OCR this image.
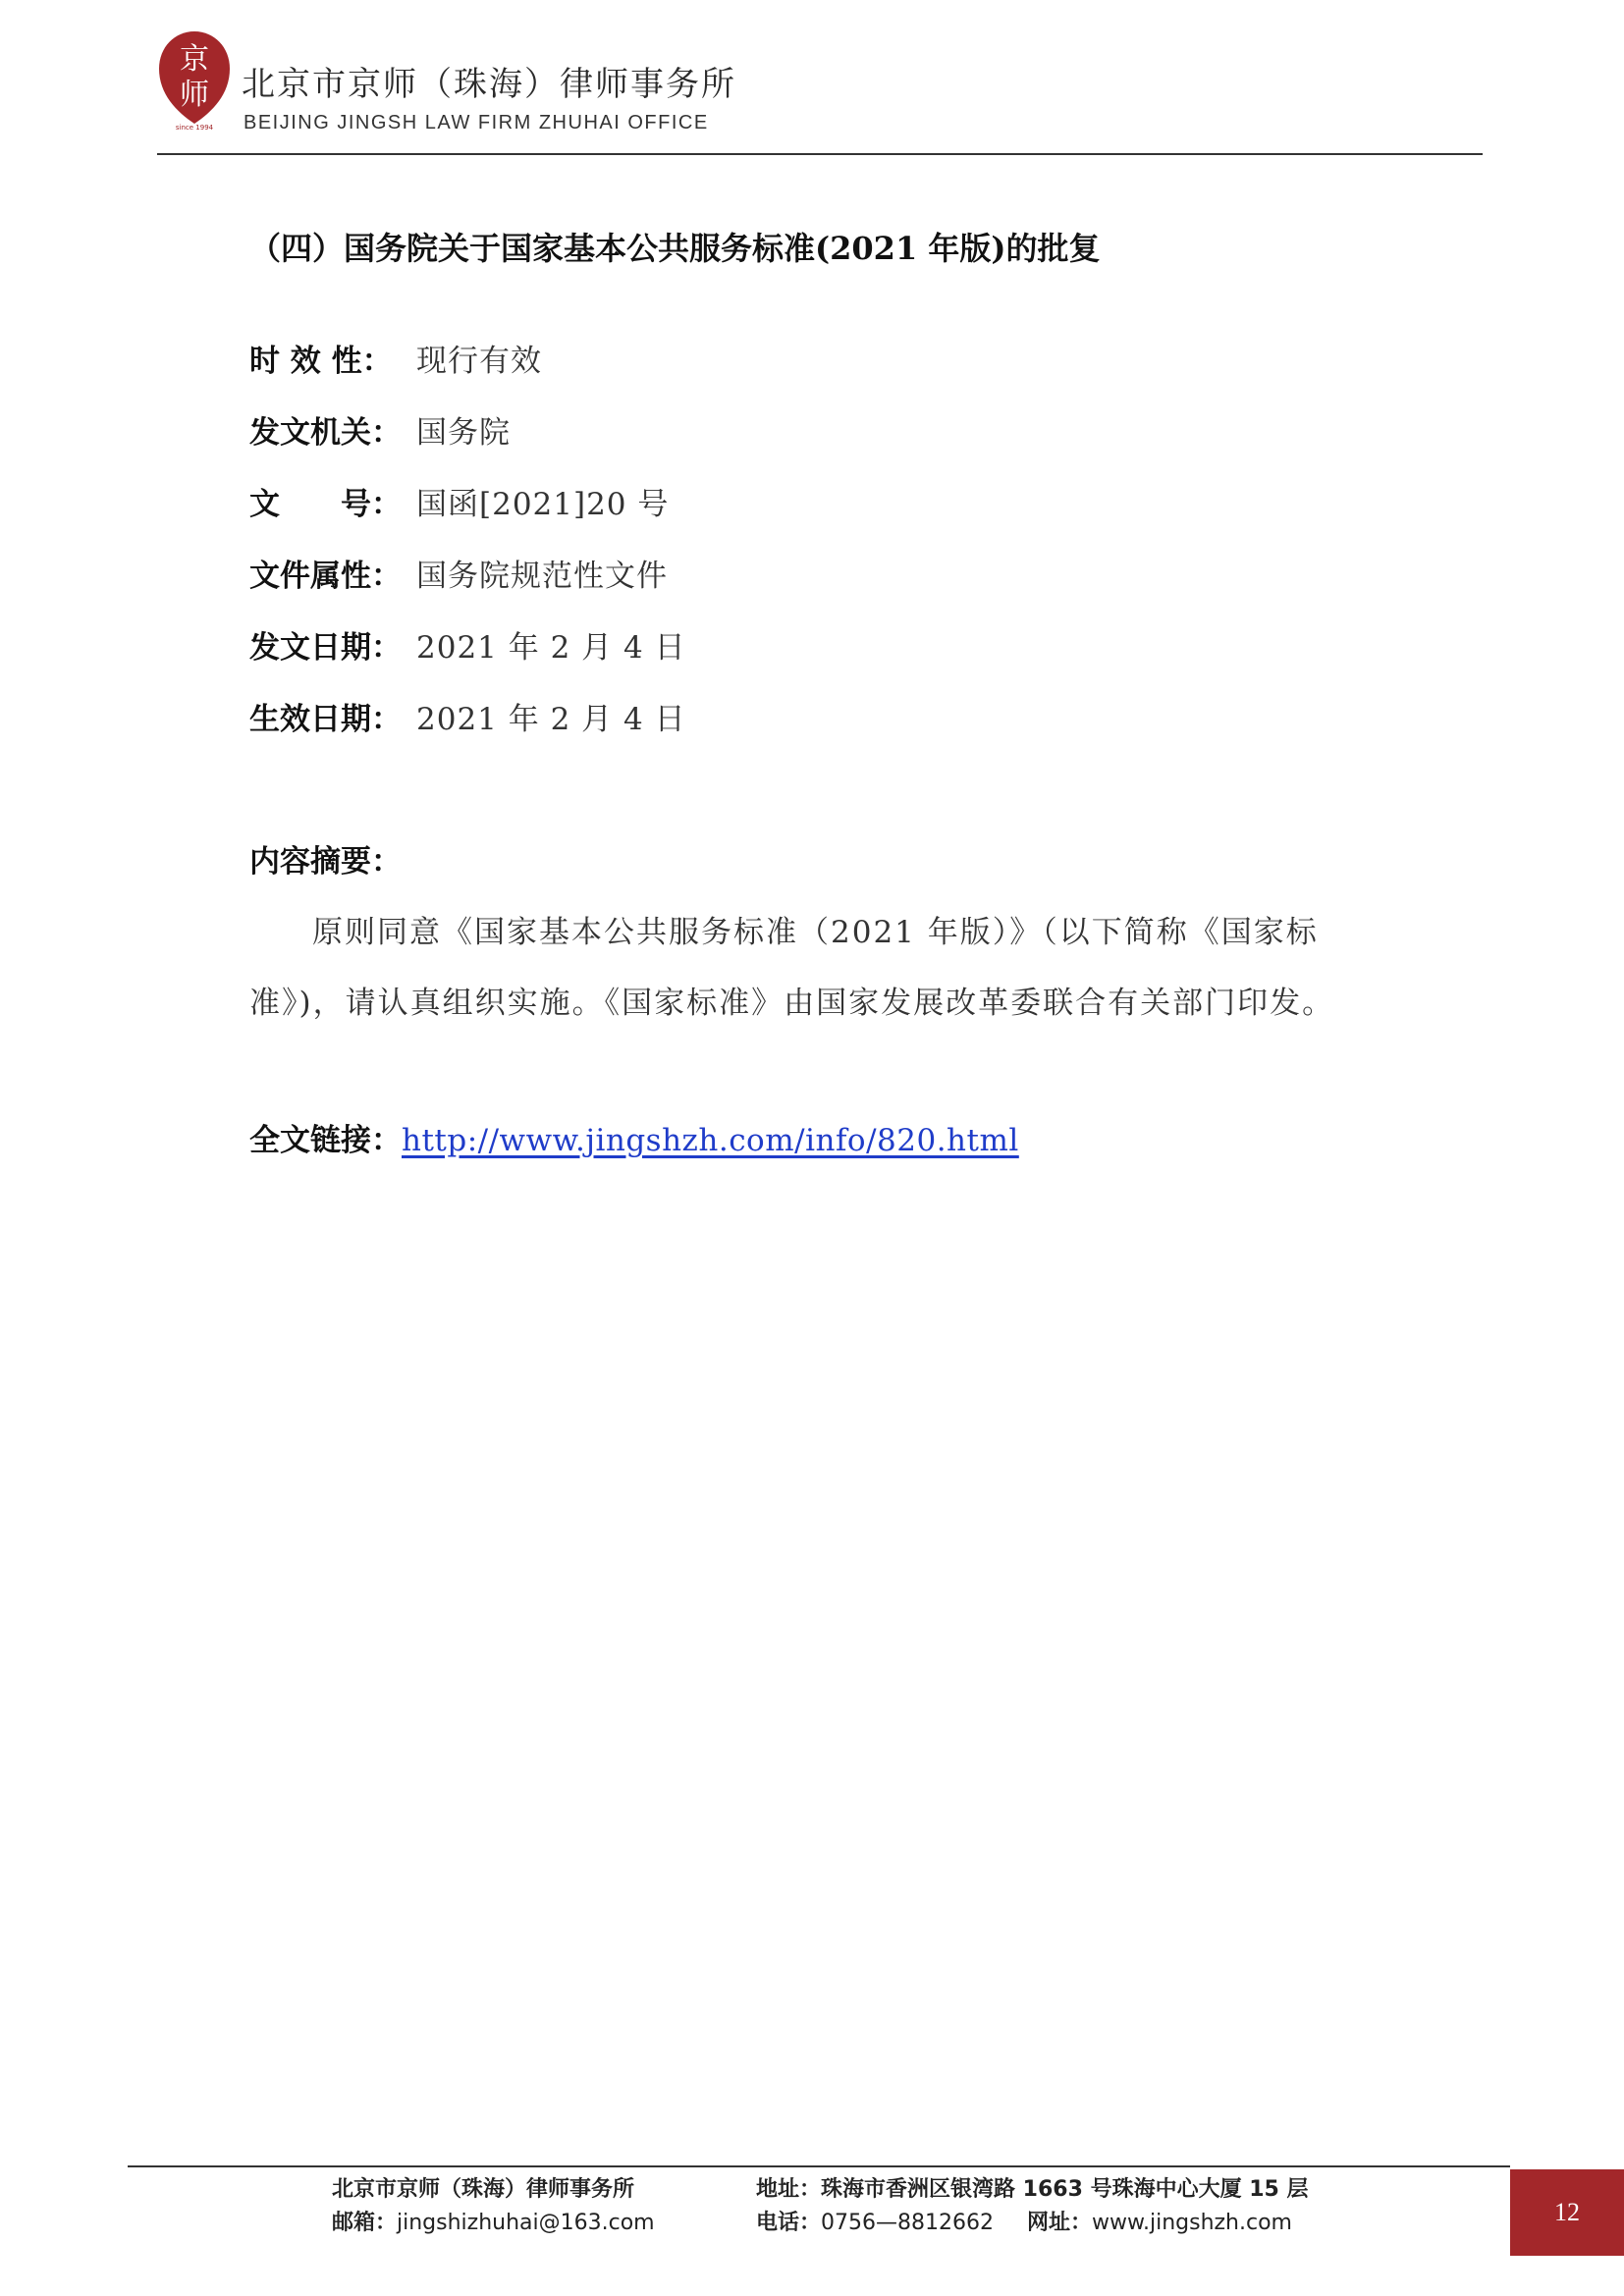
京
师
since 1994
北京市京师（珠海）律师事务所
BEIJING JINGSH LAW FIRM ZHUHAI OFFICE
（四）国务院关于国家基本公共服务标准(2021 年版)的批复
时 效 性： 现行有效
发文机关： 国务院
文　　号： 国函[2021]20 号
文件属性： 国务院规范性文件
发文日期： 2021 年 2 月 4 日
生效日期： 2021 年 2 月 4 日
内容摘要：

原则同意《国家基本公共服务标准（2021 年版）》（以下简称《国家标准》)，请认真组织实施。《国家标准》由国家发展改革委联合有关部门印发。

全文链接：http://www.jingshzh.com/info/820.html
北京市京师（珠海）律师事务所	地址：珠海市香洲区银湾路 1663 号珠海中心大厦 15 层
邮箱：jingshizhuhai@163.com	电话：0756—8812662 网址：www.jingshzh.com	12
